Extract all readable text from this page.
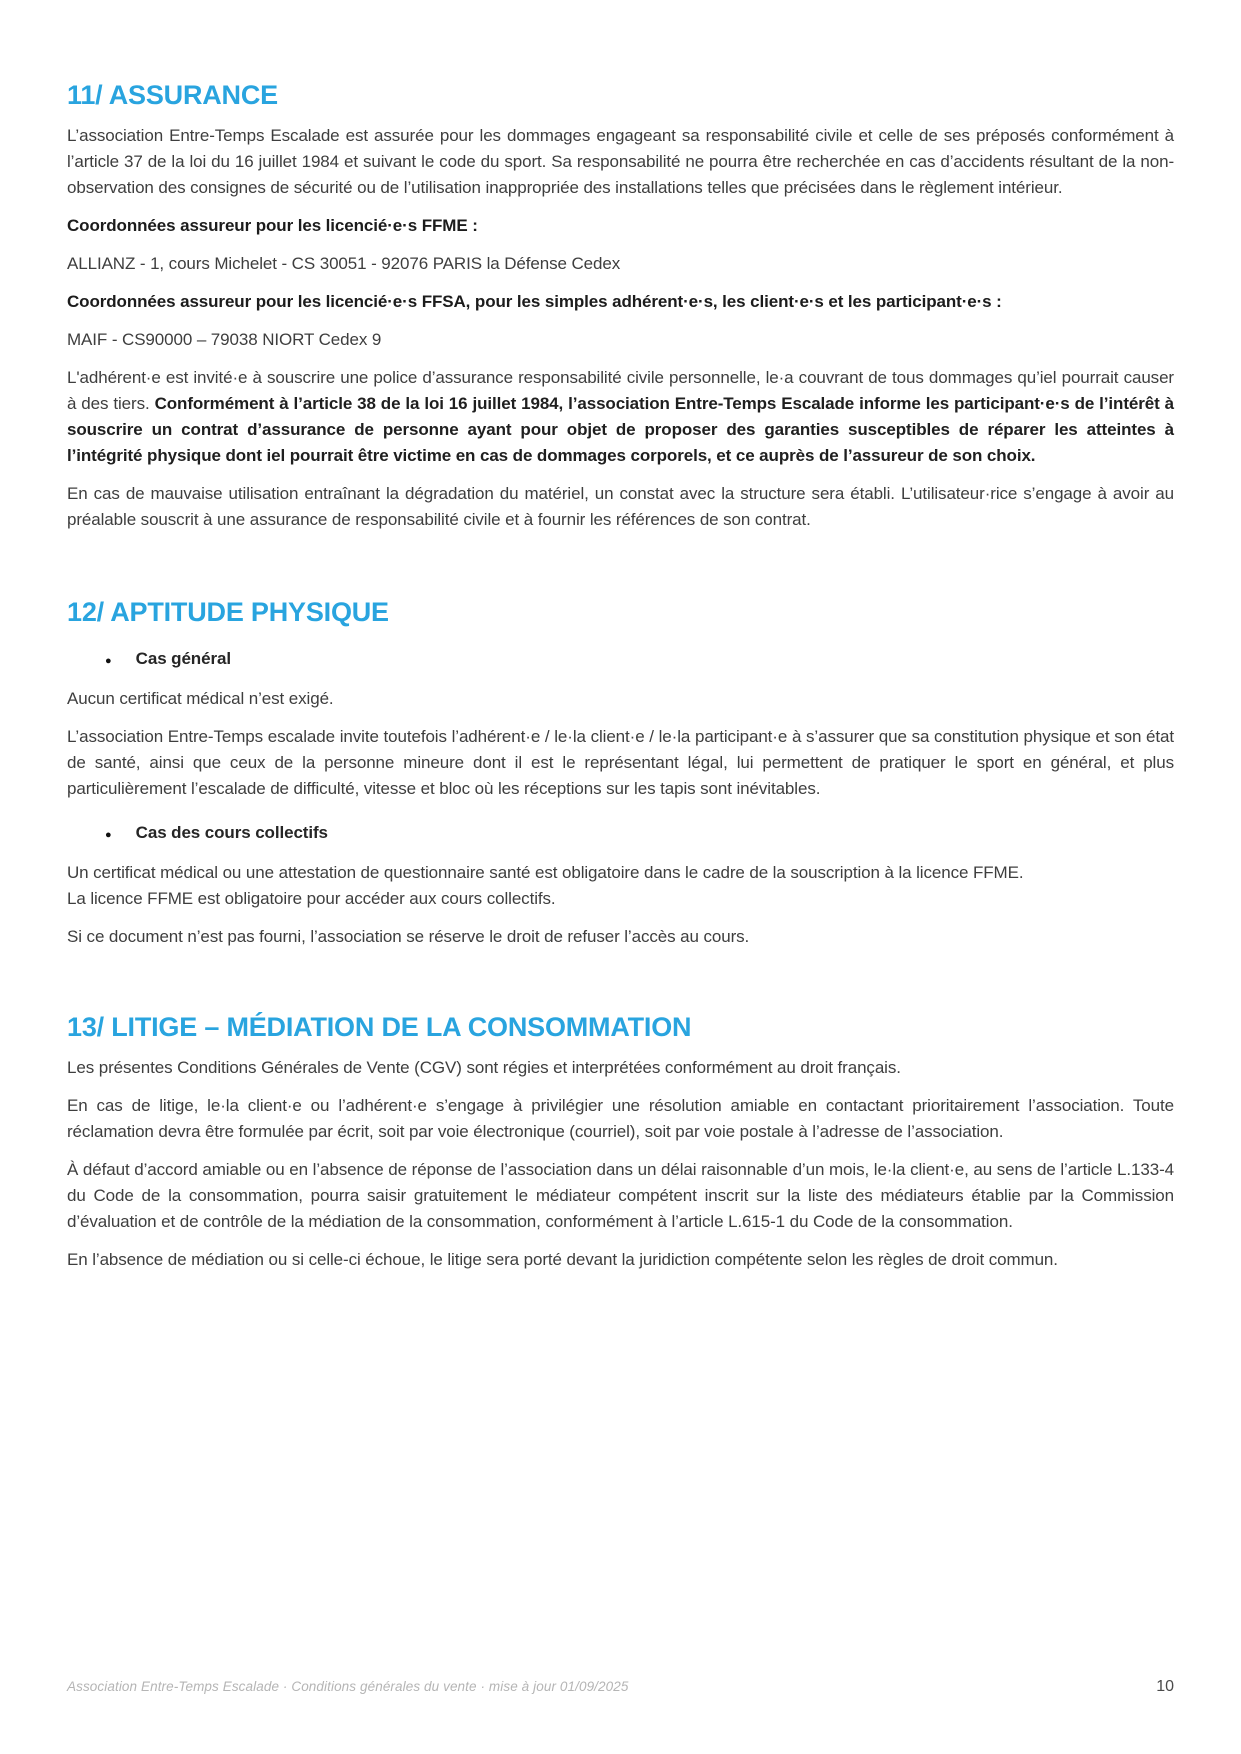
11/ ASSURANCE

L’association Entre-Temps Escalade est assurée pour les dommages engageant sa responsabilité civile et celle de ses préposés conformément à l’article 37 de la loi du 16 juillet 1984 et suivant le code du sport. Sa responsabilité ne pourra être recherchée en cas d’accidents résultant de la non-observation des consignes de sécurité ou de l’utilisation inappropriée des installations telles que précisées dans le règlement intérieur.

Coordonnées assureur pour les licencié·e·s FFME :

ALLIANZ - 1, cours Michelet - CS 30051 - 92076 PARIS la Défense Cedex

Coordonnées assureur pour les licencié·e·s FFSA, pour les simples adhérent·e·s, les client·e·s et les participant·e·s :

MAIF - CS90000 – 79038 NIORT Cedex 9

L'adhérent·e est invité·e à souscrire une police d’assurance responsabilité civile personnelle, le·a couvrant de tous dommages qu’iel pourrait causer à des tiers. Conformément à l’article 38 de la loi 16 juillet 1984, l’association Entre-Temps Escalade informe les participant·e·s de l’intérêt à souscrire un contrat d’assurance de personne ayant pour objet de proposer des garanties susceptibles de réparer les atteintes à l’intégrité physique dont iel pourrait être victime en cas de dommages corporels, et ce auprès de l’assureur de son choix.

En cas de mauvaise utilisation entraînant la dégradation du matériel, un constat avec la structure sera établi. L’utilisateur·rice s’engage à avoir au préalable souscrit à une assurance de responsabilité civile et à fournir les références de son contrat.

12/ APTITUDE PHYSIQUE
●
Cas général

Aucun certificat médical n’est exigé.

L’association Entre-Temps escalade invite toutefois l’adhérent·e / le·la client·e / le·la participant·e à s’assurer que sa constitution physique et son état de santé, ainsi que ceux de la personne mineure dont il est le représentant légal, lui permettent de pratiquer le sport en général, et plus particulièrement l’escalade de difficulté, vitesse et bloc où les réceptions sur les tapis sont inévitables.

●
Cas des cours collectifs

Un certificat médical ou une attestation de questionnaire santé est obligatoire dans le cadre de la souscription à la licence FFME.

La licence FFME est obligatoire pour accéder aux cours collectifs.

Si ce document n’est pas fourni, l’association se réserve le droit de refuser l’accès au cours.

13/ LITIGE – MÉDIATION DE LA CONSOMMATION

Les présentes Conditions Générales de Vente (CGV) sont régies et interprétées conformément au droit français.

En cas de litige, le·la client·e ou l’adhérent·e s’engage à privilégier une résolution amiable en contactant prioritairement l’association. Toute réclamation devra être formulée par écrit, soit par voie électronique (courriel), soit par voie postale à l’adresse de l’association.

À défaut d’accord amiable ou en l’absence de réponse de l’association dans un délai raisonnable d’un mois, le·la client·e, au sens de l’article L.133-4 du Code de la consommation, pourra saisir gratuitement le médiateur compétent inscrit sur la liste des médiateurs établie par la Commission d’évaluation et de contrôle de la médiation de la consommation, conformément à l’article L.615-1 du Code de la consommation.

En l’absence de médiation ou si celle-ci échoue, le litige sera porté devant la juridiction compétente selon les règles de droit commun.

Association Entre-Temps Escalade · Conditions générales du vente · mise à jour 01/09/2025	10
